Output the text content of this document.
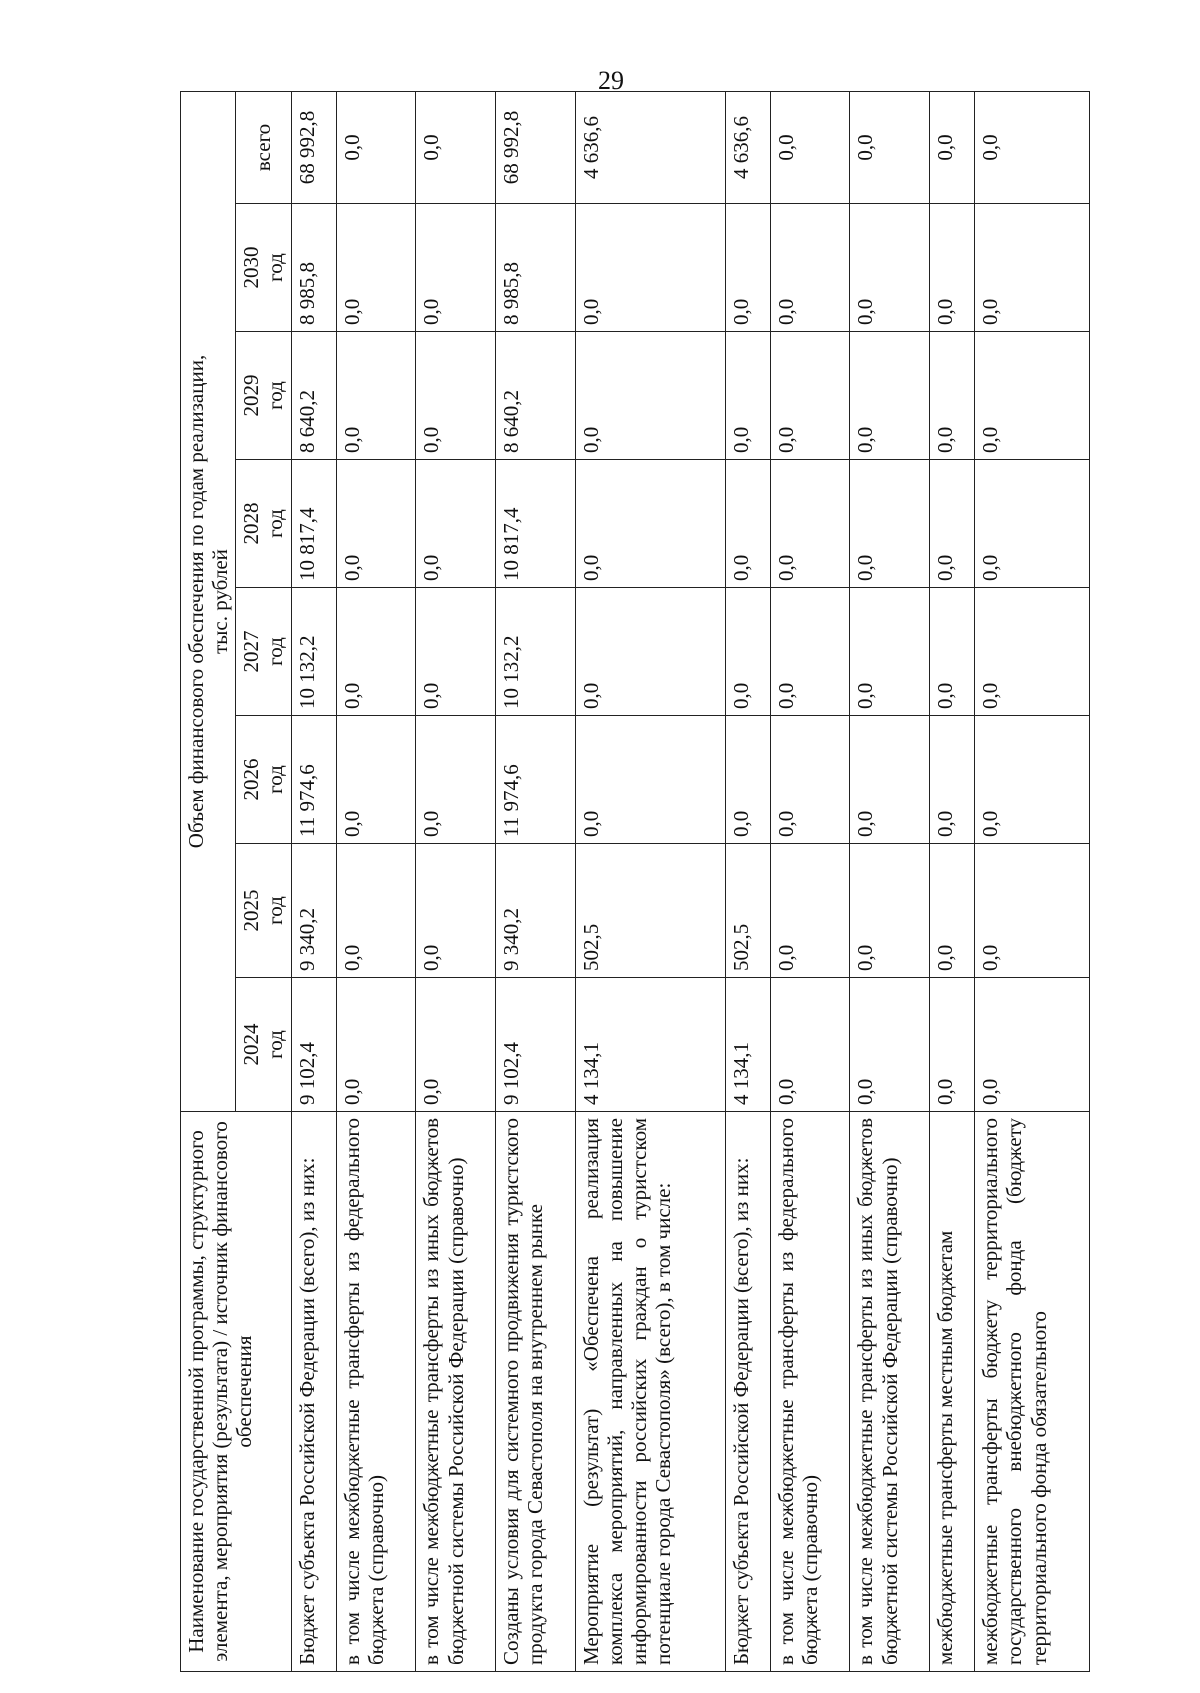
29
Наименование государственной программы, структурного элемента, мероприятия (результата) / источник финансового обеспечения	Объем финансового обеспечения по годам реализации, тыс. рублей							

	2024 год	2025 год	2026 год	2027 год	2028 год	2029 год	2030 год	всего
Бюджет субъекта Российской Федерации (всего), из них:	9 102,4	9 340,2	11 974,6	10 132,2	10 817,4	8 640,2	8 985,8	68 992,8
в том числе межбюджетные трансферты из федерального бюджета (справочно)	0,0	0,0	0,0	0,0	0,0	0,0	0,0	0,0
в том числе межбюджетные трансферты из иных бюджетов бюджетной системы Российской Федерации (справочно)	0,0	0,0	0,0	0,0	0,0	0,0	0,0	0,0
Созданы условия для системного продвижения туристского продукта города Севастополя на внутреннем рынке	9 102,4	9 340,2	11 974,6	10 132,2	10 817,4	8 640,2	8 985,8	68 992,8
Мероприятие (результат) «Обеспечена реализация комплекса мероприятий, направленных на повышение информированности российских граждан о туристском потенциале города Севастополя» (всего), в том числе:	4 134,1	502,5	0,0	0,0	0,0	0,0	0,0	4 636,6
Бюджет субъекта Российской Федерации (всего), из них:	4 134,1	502,5	0,0	0,0	0,0	0,0	0,0	4 636,6
в том числе межбюджетные трансферты из федерального бюджета (справочно)	0,0	0,0	0,0	0,0	0,0	0,0	0,0	0,0
в том числе межбюджетные трансферты из иных бюджетов бюджетной системы Российской Федерации (справочно)	0,0	0,0	0,0	0,0	0,0	0,0	0,0	0,0
межбюджетные трансферты местным бюджетам	0,0	0,0	0,0	0,0	0,0	0,0	0,0	0,0
межбюджетные трансферты бюджету территориального государственного внебюджетного фонда (бюджету территориального фонда обязательного	0,0	0,0	0,0	0,0	0,0	0,0	0,0	0,0
